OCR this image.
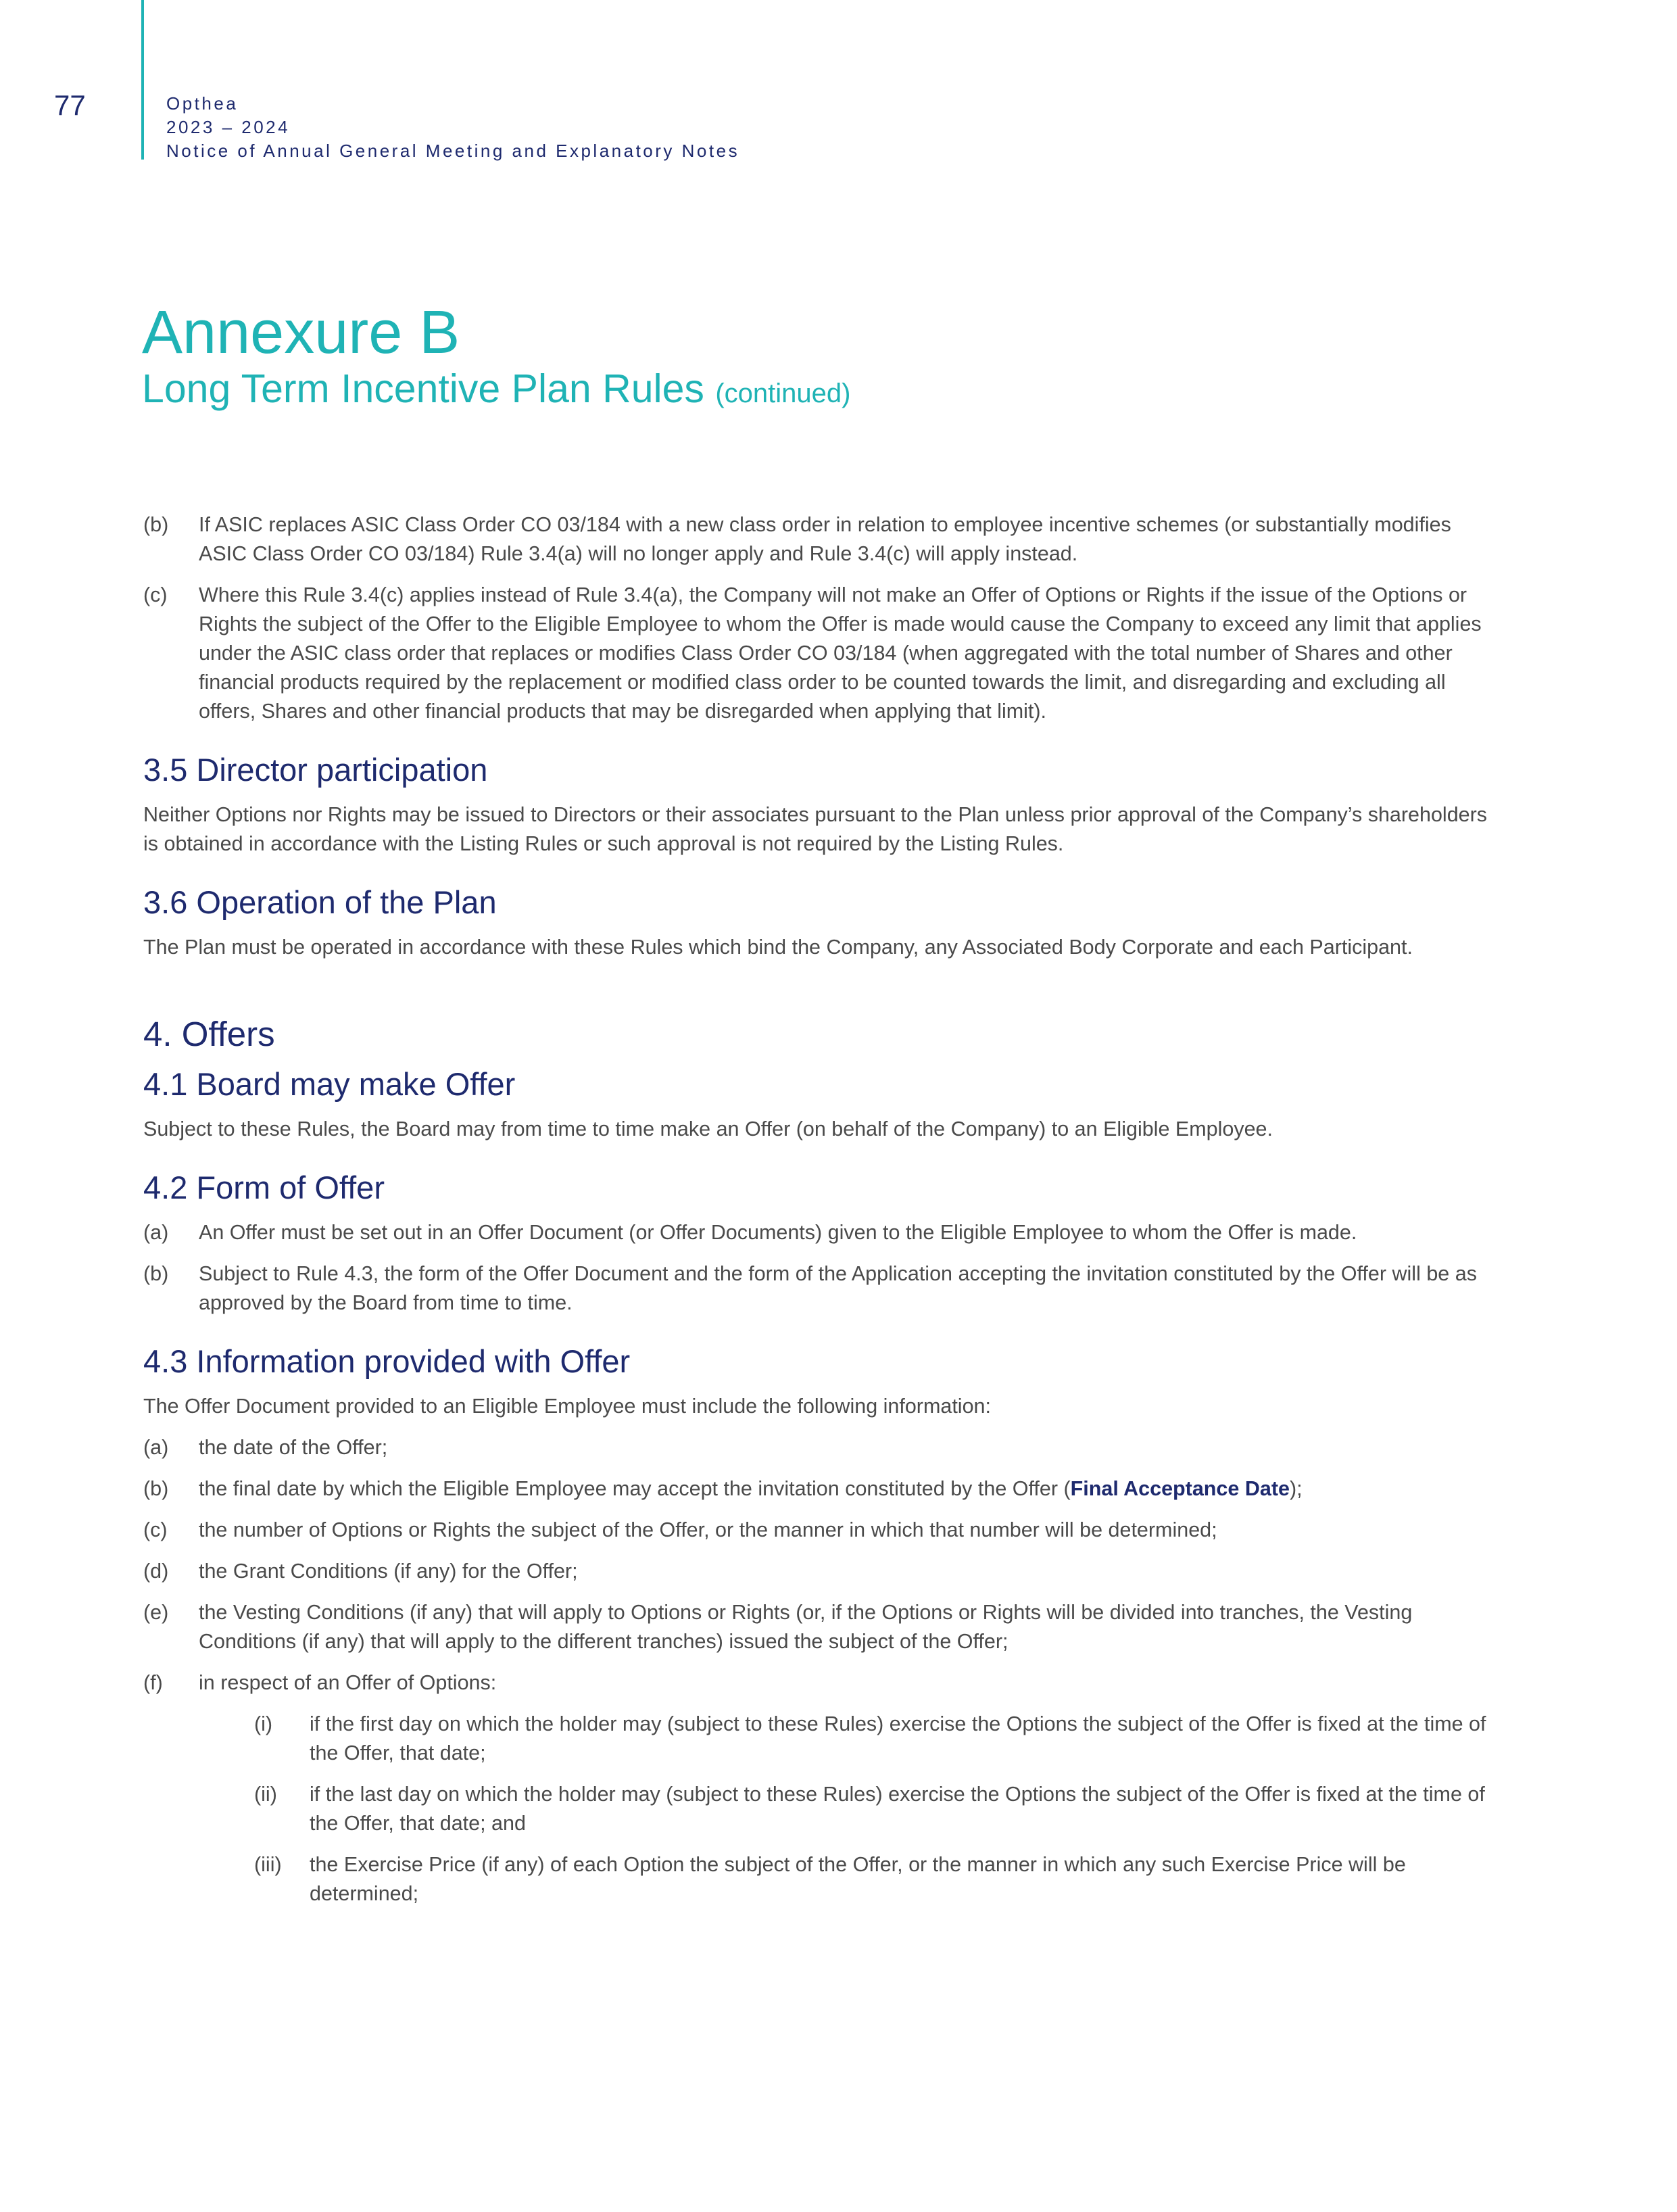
77	Opthea
2023 – 2024
Notice of Annual General Meeting and Explanatory Notes
Annexure B
Long Term Incentive Plan Rules (continued)
(b) If ASIC replaces ASIC Class Order CO 03/184 with a new class order in relation to employee incentive schemes (or substantially modifies ASIC Class Order CO 03/184) Rule 3.4(a) will no longer apply and Rule 3.4(c) will apply instead.
(c) Where this Rule 3.4(c) applies instead of Rule 3.4(a), the Company will not make an Offer of Options or Rights if the issue of the Options or Rights the subject of the Offer to the Eligible Employee to whom the Offer is made would cause the Company to exceed any limit that applies under the ASIC class order that replaces or modifies Class Order CO 03/184 (when aggregated with the total number of Shares and other financial products required by the replacement or modified class order to be counted towards the limit, and disregarding and excluding all offers, Shares and other financial products that may be disregarded when applying that limit).
3.5 Director participation

Neither Options nor Rights may be issued to Directors or their associates pursuant to the Plan unless prior approval of the Company’s shareholders is obtained in accordance with the Listing Rules or such approval is not required by the Listing Rules.

3.6 Operation of the Plan

The Plan must be operated in accordance with these Rules which bind the Company, any Associated Body Corporate and each Participant.

4. Offers
4.1 Board may make Offer

Subject to these Rules, the Board may from time to time make an Offer (on behalf of the Company) to an Eligible Employee.

4.2 Form of Offer
(a) An Offer must be set out in an Offer Document (or Offer Documents) given to the Eligible Employee to whom the Offer is made.
(b) Subject to Rule 4.3, the form of the Offer Document and the form of the Application accepting the invitation constituted by the Offer will be as approved by the Board from time to time.
4.3 Information provided with Offer

The Offer Document provided to an Eligible Employee must include the following information:

(a) the date of the Offer;
(b) the final date by which the Eligible Employee may accept the invitation constituted by the Offer (Final Acceptance Date);
(c) the number of Options or Rights the subject of the Offer, or the manner in which that number will be determined;
(d) the Grant Conditions (if any) for the Offer;
(e) the Vesting Conditions (if any) that will apply to Options or Rights (or, if the Options or Rights will be divided into tranches, the Vesting Conditions (if any) that will apply to the different tranches) issued the subject of the Offer;
(f) in respect of an Offer of Options:
(i) if the first day on which the holder may (subject to these Rules) exercise the Options the subject of the Offer is fixed at the time of the Offer, that date;
(ii) if the last day on which the holder may (subject to these Rules) exercise the Options the subject of the Offer is fixed at the time of the Offer, that date; and
(iii) the Exercise Price (if any) of each Option the subject of the Offer, or the manner in which any such Exercise Price will be determined;
